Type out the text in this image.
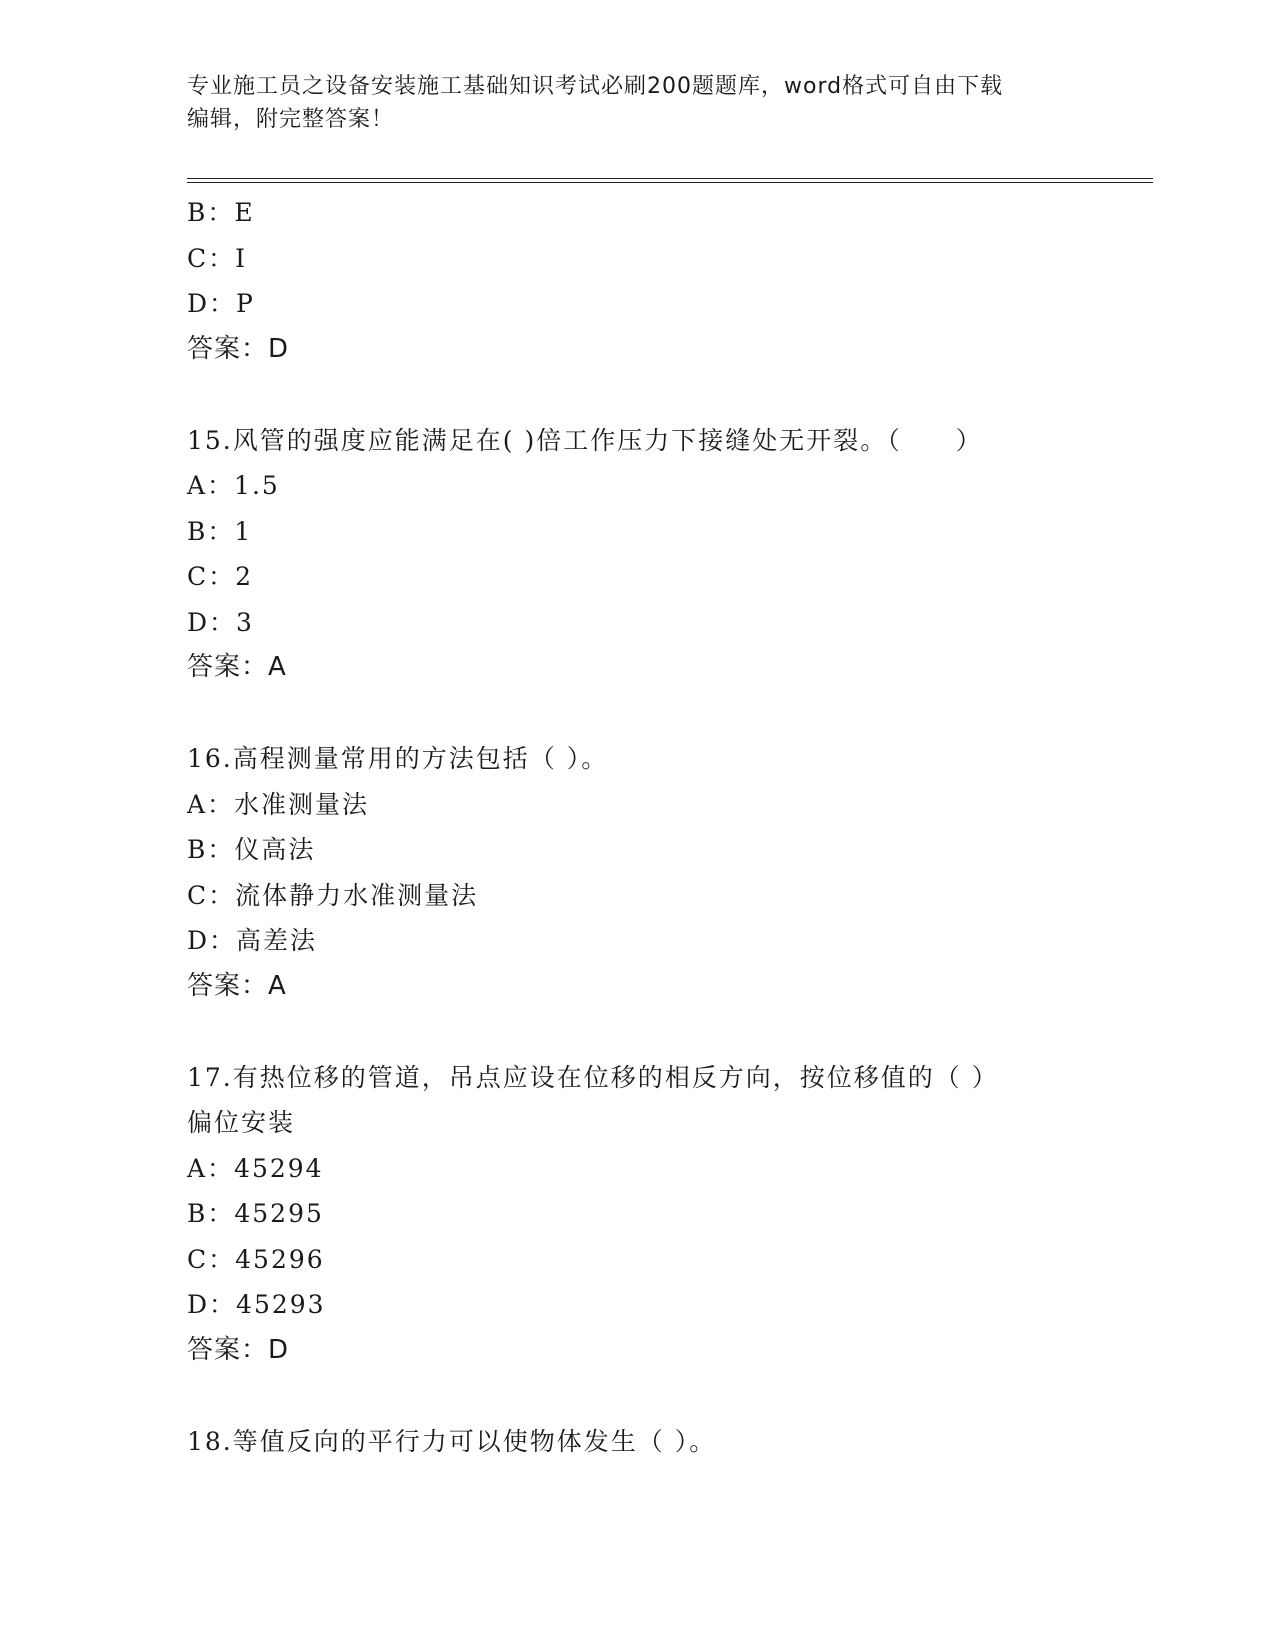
专业施工员之设备安装施工基础知识考试必刷200题题库，word格式可自由下载
编辑，附完整答案！
B：E
C：I
D：P
答案：D
15.风管的强度应能满足在( )倍工作压力下接缝处无开裂。（　　）
A：1.5
B：1
C：2
D：3
答案：A
16.高程测量常用的方法包括（ ）。
A：水准测量法
B：仪高法
C：流体静力水准测量法
D：高差法
答案：A
17.有热位移的管道，吊点应设在位移的相反方向，按位移值的（ ）
偏位安装
A：45294
B：45295
C：45296
D：45293
答案：D
18.等值反向的平行力可以使物体发生（ ）。
